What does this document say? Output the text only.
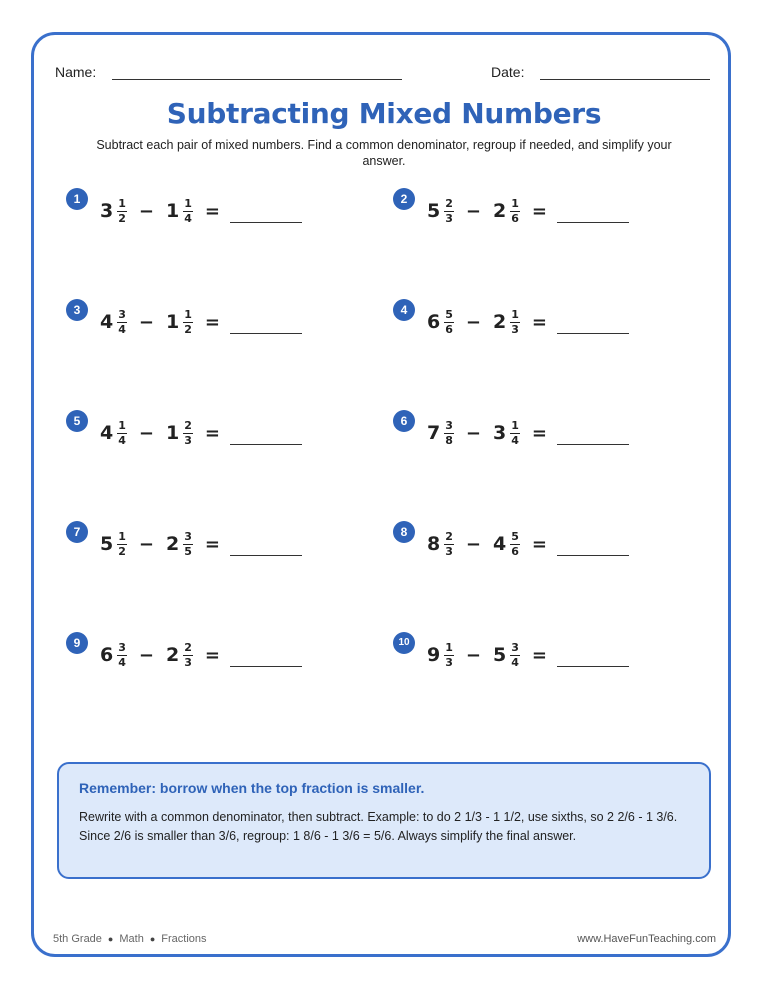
Name:	Date:
Subtracting Mixed Numbers
Subtract each pair of mixed numbers. Find a common denominator, regroup if needed, and simplify your answer.
1
$3 \frac{1}{2} - 1 \frac{1}{4}$ =
2
$5 \frac{2}{3} - 2 \frac{1}{6}$ =
3
$4 \frac{3}{4} - 1 \frac{1}{2}$ =
4
$6 \frac{5}{6} - 2 \frac{1}{3}$ =
5
$4 \frac{1}{4} - 1 \frac{2}{3}$ =
6
$7 \frac{3}{8} - 3 \frac{1}{4}$ =
7
$5 \frac{1}{2} - 2 \frac{3}{5}$ =
8
$8 \frac{2}{3} - 4 \frac{5}{6}$ =
9
$6 \frac{3}{4} - 2 \frac{2}{3}$ =
10
$9 \frac{1}{3} - 5 \frac{3}{4}$ =
Remember: borrow when the top fraction is smaller.
Rewrite with a common denominator, then subtract. Example: to do 2 1/3 - 1 1/2, use sixths, so 2 2/6 - 1 3/6. Since 2/6 is smaller than 3/6, regroup: 1 8/6 - 1 3/6 = 5/6. Always simplify the final answer.
5th Grade ● Math ● Fractions	www.HaveFunTeaching.com
